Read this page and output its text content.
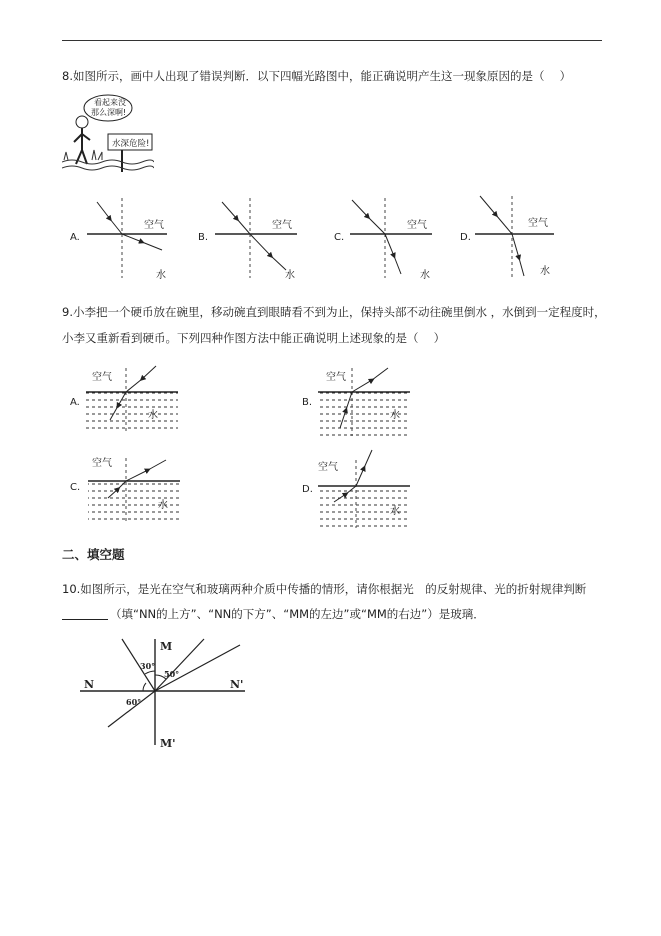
8.如图所示，画中人出现了错误判断．以下四幅光路图中，能正确说明产生这一现象原因的是（　 ）
看起来没
那么深啊!
水深危险!
A.
空气
水
B.
空气
水
C.
空气
水
D.
空气
水
9.小李把一个硬币放在碗里，移动碗直到眼睛看不到为止，保持头部不动往碗里倒水 ，水倒到一定程度时，
小李又重新看到硬币。下列四种作图方法中能正确说明上述现象的是（　 ）
A.
空气
水
B.
空气
水
C.
空气
水
D.
空气
水
二、填空题
10.如图所示，是光在空气和玻璃两种介质中传播的情形，请你根据光　的反射规律、光的折射规律判断
（填“NN的上方”、“NN的下方”、“MM的左边”或“MM的右边”）是玻璃．
M
M'
N	N'
30°
50°
60°
